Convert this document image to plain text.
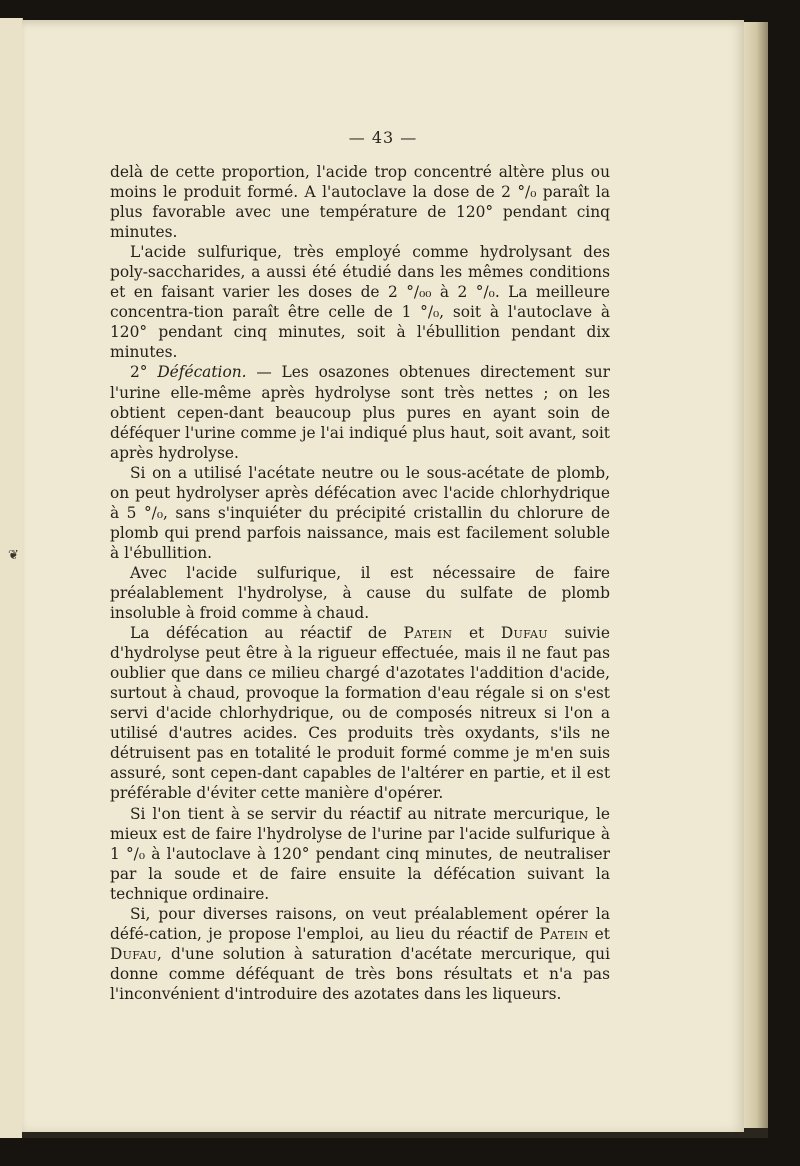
❦
— 43 —

delà de cette proportion, l'acide trop concentré altère plus ou moins le produit formé. A l'autoclave la dose de 2 °/₀ paraît la plus favorable avec une température de 120° pendant cinq minutes.

L'acide sulfurique, très employé comme hydrolysant des poly-saccharides, a aussi été étudié dans les mêmes conditions et en faisant varier les doses de 2 °/₀₀ à 2 °/₀. La meilleure concentra-tion paraît être celle de 1 °/₀, soit à l'autoclave à 120° pendant cinq minutes, soit à l'ébullition pendant dix minutes.

2° Défécation. — Les osazones obtenues directement sur l'urine elle-même après hydrolyse sont très nettes ; on les obtient cepen-dant beaucoup plus pures en ayant soin de déféquer l'urine comme je l'ai indiqué plus haut, soit avant, soit après hydrolyse.

Si on a utilisé l'acétate neutre ou le sous-acétate de plomb, on peut hydrolyser après défécation avec l'acide chlorhydrique à 5 °/₀, sans s'inquiéter du précipité cristallin du chlorure de plomb qui prend parfois naissance, mais est facilement soluble à l'ébullition.

Avec l'acide sulfurique, il est nécessaire de faire préalablement l'hydrolyse, à cause du sulfate de plomb insoluble à froid comme à chaud.

La défécation au réactif de Patein et Dufau suivie d'hydrolyse peut être à la rigueur effectuée, mais il ne faut pas oublier que dans ce milieu chargé d'azotates l'addition d'acide, surtout à chaud, provoque la formation d'eau régale si on s'est servi d'acide chlorhydrique, ou de composés nitreux si l'on a utilisé d'autres acides. Ces produits très oxydants, s'ils ne détruisent pas en totalité le produit formé comme je m'en suis assuré, sont cepen-dant capables de l'altérer en partie, et il est préférable d'éviter cette manière d'opérer.

Si l'on tient à se servir du réactif au nitrate mercurique, le mieux est de faire l'hydrolyse de l'urine par l'acide sulfurique à 1 °/₀ à l'autoclave à 120° pendant cinq minutes, de neutraliser par la soude et de faire ensuite la défécation suivant la technique ordinaire.

Si, pour diverses raisons, on veut préalablement opérer la défé-cation, je propose l'emploi, au lieu du réactif de Patein et Dufau, d'une solution à saturation d'acétate mercurique, qui donne comme déféquant de très bons résultats et n'a pas l'inconvénient d'introduire des azotates dans les liqueurs.
